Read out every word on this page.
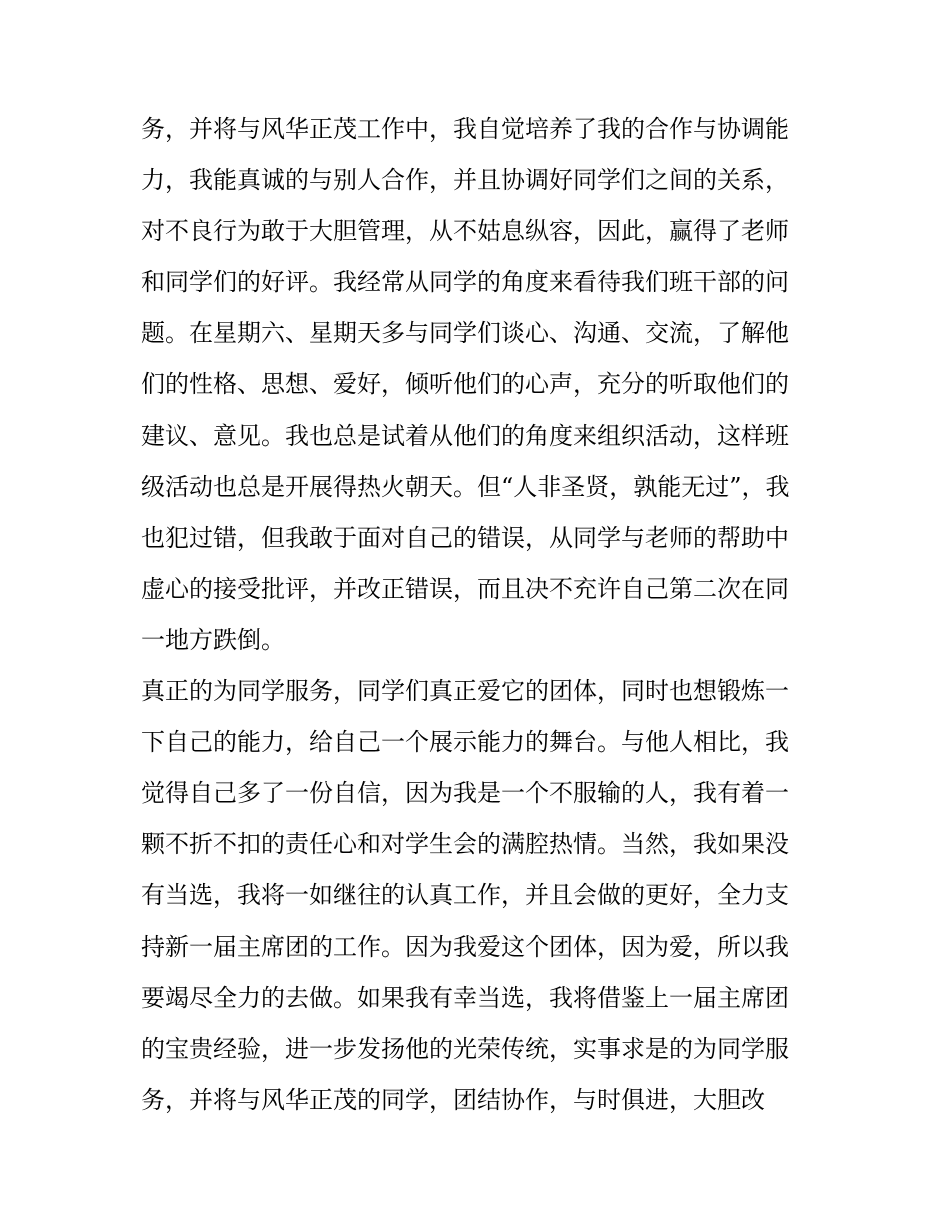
务，并将与风华正茂工作中，我自觉培养了我的合作与协调能
力，我能真诚的与别人合作，并且协调好同学们之间的关系，
对不良行为敢于大胆管理，从不姑息纵容，因此，赢得了老师
和同学们的好评。我经常从同学的角度来看待我们班干部的问
题。在星期六、星期天多与同学们谈心、沟通、交流，了解他
们的性格、思想、爱好，倾听他们的心声，充分的听取他们的
建议、意见。我也总是试着从他们的角度来组织活动，这样班
级活动也总是开展得热火朝天。但“人非圣贤，孰能无过”，我
也犯过错，但我敢于面对自己的错误，从同学与老师的帮助中
虚心的接受批评，并改正错误，而且决不充许自己第二次在同
一地方跌倒。
真正的为同学服务，同学们真正爱它的团体，同时也想锻炼一
下自己的能力，给自己一个展示能力的舞台。与他人相比，我
觉得自己多了一份自信，因为我是一个不服输的人，我有着一
颗不折不扣的责任心和对学生会的满腔热情。当然，我如果没
有当选，我将一如继往的认真工作，并且会做的更好，全力支
持新一届主席团的工作。因为我爱这个团体，因为爱，所以我
要竭尽全力的去做。如果我有幸当选，我将借鉴上一届主席团
的宝贵经验，进一步发扬他的光荣传统，实事求是的为同学服
务，并将与风华正茂的同学，团结协作，与时俱进，大胆改
